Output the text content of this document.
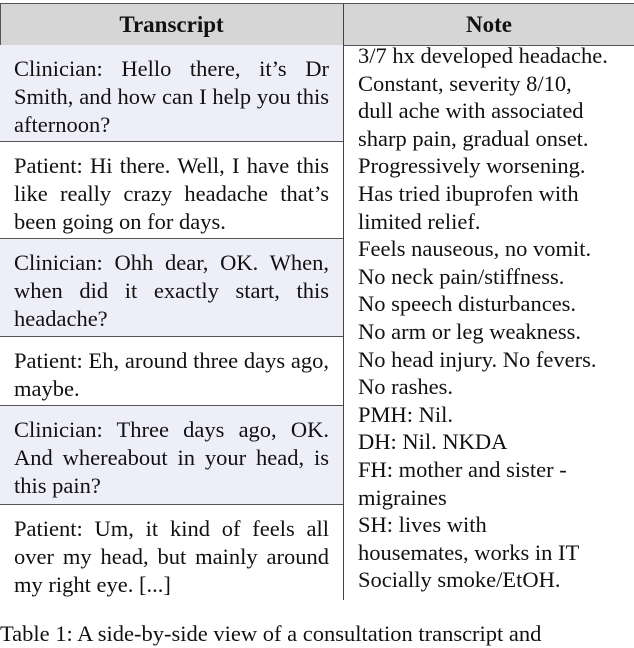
Transcript	Note
Clinician: Hello there, it’s Dr Smith, and how can I help you this afternoon?
Patient: Hi there. Well, I have this like really crazy headache that’s been going on for days.
Clinician: Ohh dear, OK. When, when did it exactly start, this headache?
Patient: Eh, around three days ago, maybe.
Clinician: Three days ago, OK. And whereabout in your head, is this pain?
Patient: Um, it kind of feels all over my head, but mainly around my right eye. [...]
3/7 hx developed headache.
Constant, severity 8/10,
dull ache with associated
sharp pain, gradual onset.
Progressively worsening.
Has tried ibuprofen with
limited relief.
Feels nauseous, no vomit.
No neck pain/stiffness.
No speech disturbances.
No arm or leg weakness.
No head injury. No fevers.
No rashes.
PMH: Nil.
DH: Nil. NKDA
FH: mother and sister -
migraines
SH: lives with
housemates, works in IT
Socially smoke/EtOH.
Table 1: A side-by-side view of a consultation transcript and
